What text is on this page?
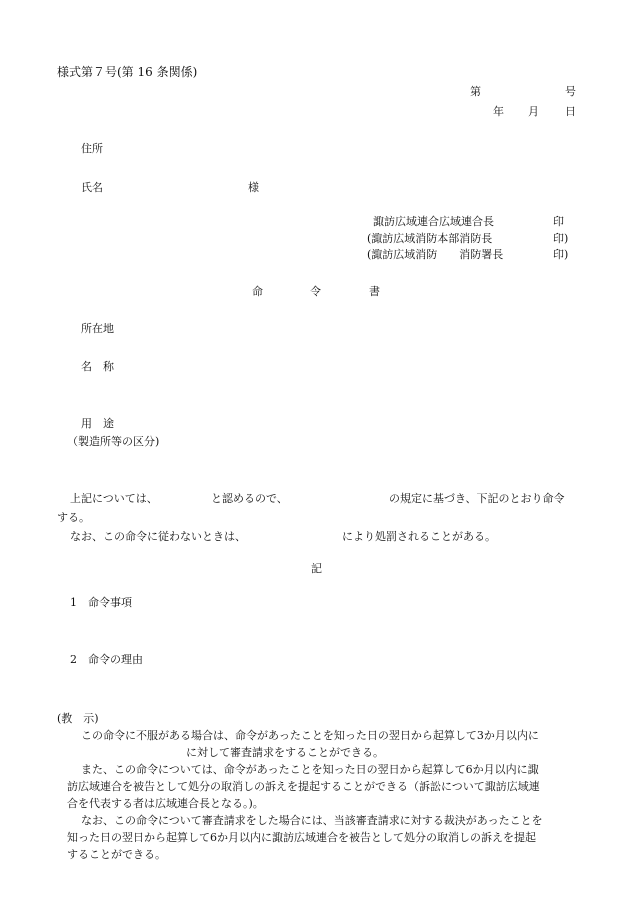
様式第７号(第 16 条関係)
第	号
年 月 日
住所
氏名	様
諏訪広域連合広域連合長	印
(諏訪広域消防本部消防長	印)
(諏訪広域消防　　消防署長	印)
命	令	書
所在地
名　称
用　途
（製造所等の区分)
上記については、	と認めるので、	の規定に基づき、下記のとおり命令
する。
なお、この命令に従わないときは、	により処罰されることがある。
記
1 命令事項
2 命令の理由
(教　示)
この命令に不服がある場合は、命令があったことを知った日の翌日から起算して3か月以内に
に対して審査請求をすることができる。
また、この命令については、命令があったことを知った日の翌日から起算して6か月以内に諏
訪広域連合を被告として処分の取消しの訴えを提起することができる（訴訟について諏訪広域連
合を代表する者は広域連合長となる。)。
なお、この命令について審査請求をした場合には、当該審査請求に対する裁決があったことを
知った日の翌日から起算して6か月以内に諏訪広域連合を被告として処分の取消しの訴えを提起
することができる。
